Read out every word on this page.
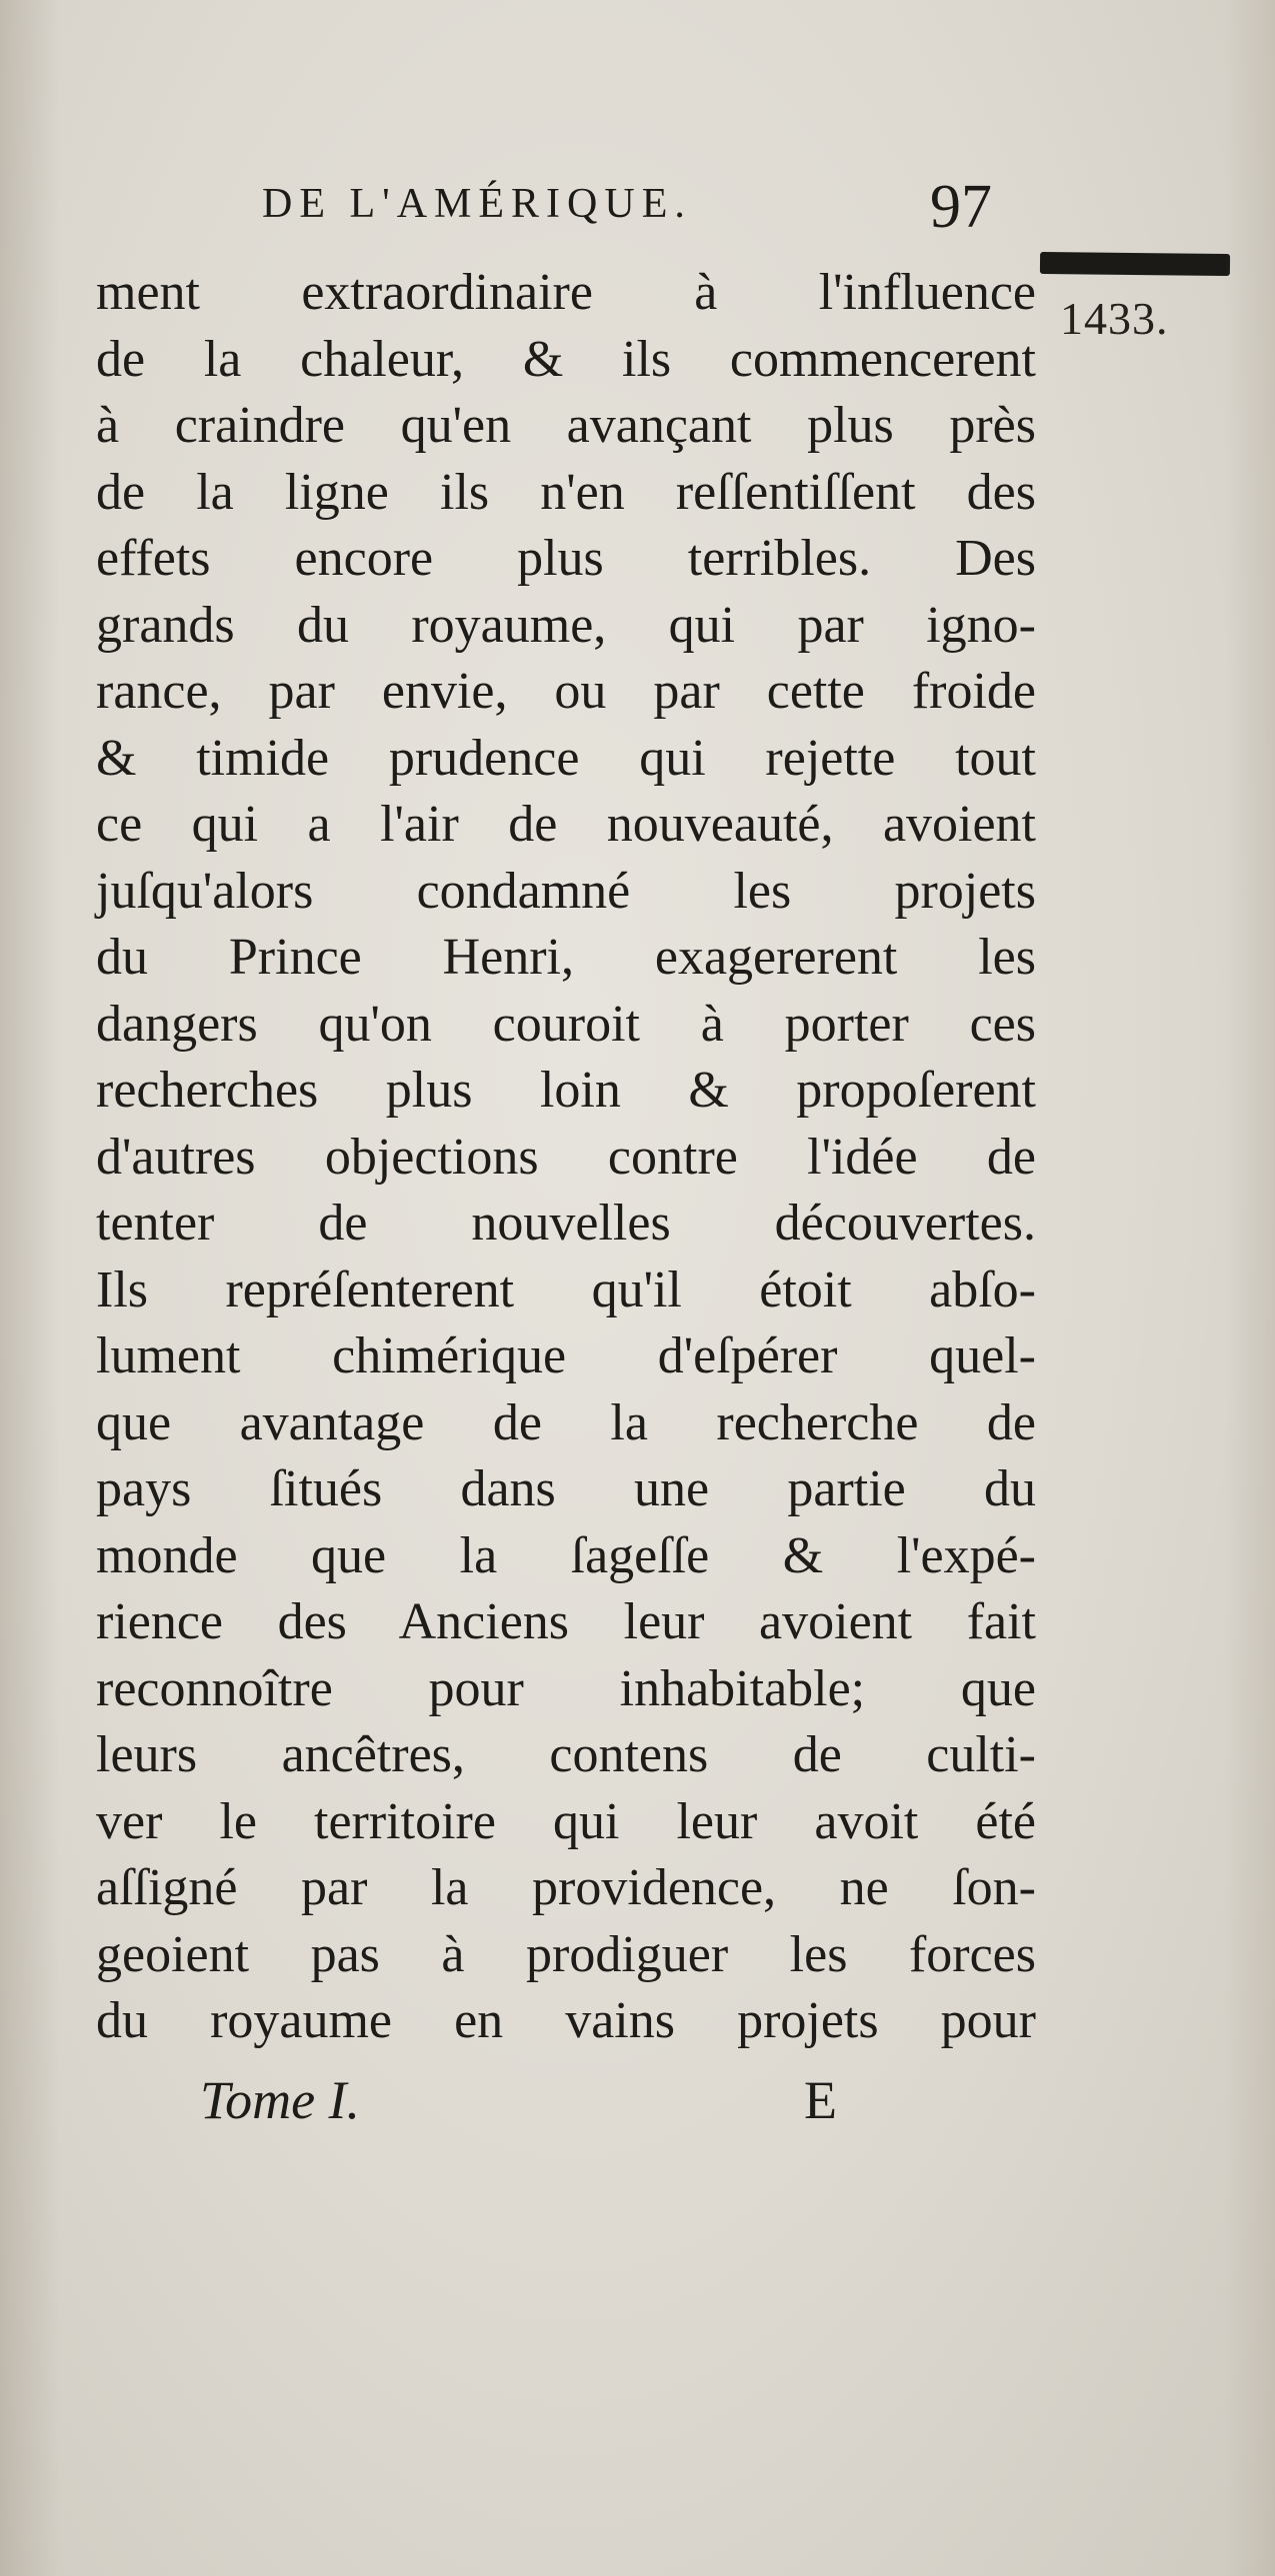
DE L'AMÉRIQUE.	97
1433.
ment extraordinaire à l'influence
de la chaleur, & ils commencerent
à craindre qu'en avançant plus près
de la ligne ils n'en reſſentiſſent des
effets encore plus terribles. Des
grands du royaume, qui par igno-
rance, par envie, ou par cette froide
& timide prudence qui rejette tout
ce qui a l'air de nouveauté, avoient
juſqu'alors condamné les projets
du Prince Henri, exagererent les
dangers qu'on couroit à porter ces
recherches plus loin & propoſerent
d'autres objections contre l'idée de
tenter de nouvelles découvertes.
Ils repréſenterent qu'il étoit abſo-
lument chimérique d'eſpérer quel-
que avantage de la recherche de
pays ſitués dans une partie du
monde que la ſageſſe & l'expé-
rience des Anciens leur avoient fait
reconnoître pour inhabitable; que
leurs ancêtres, contens de culti-
ver le territoire qui leur avoit été
aſſigné par la providence, ne ſon-
geoient pas à prodiguer les forces
du royaume en vains projets pour
Tome I.	E
